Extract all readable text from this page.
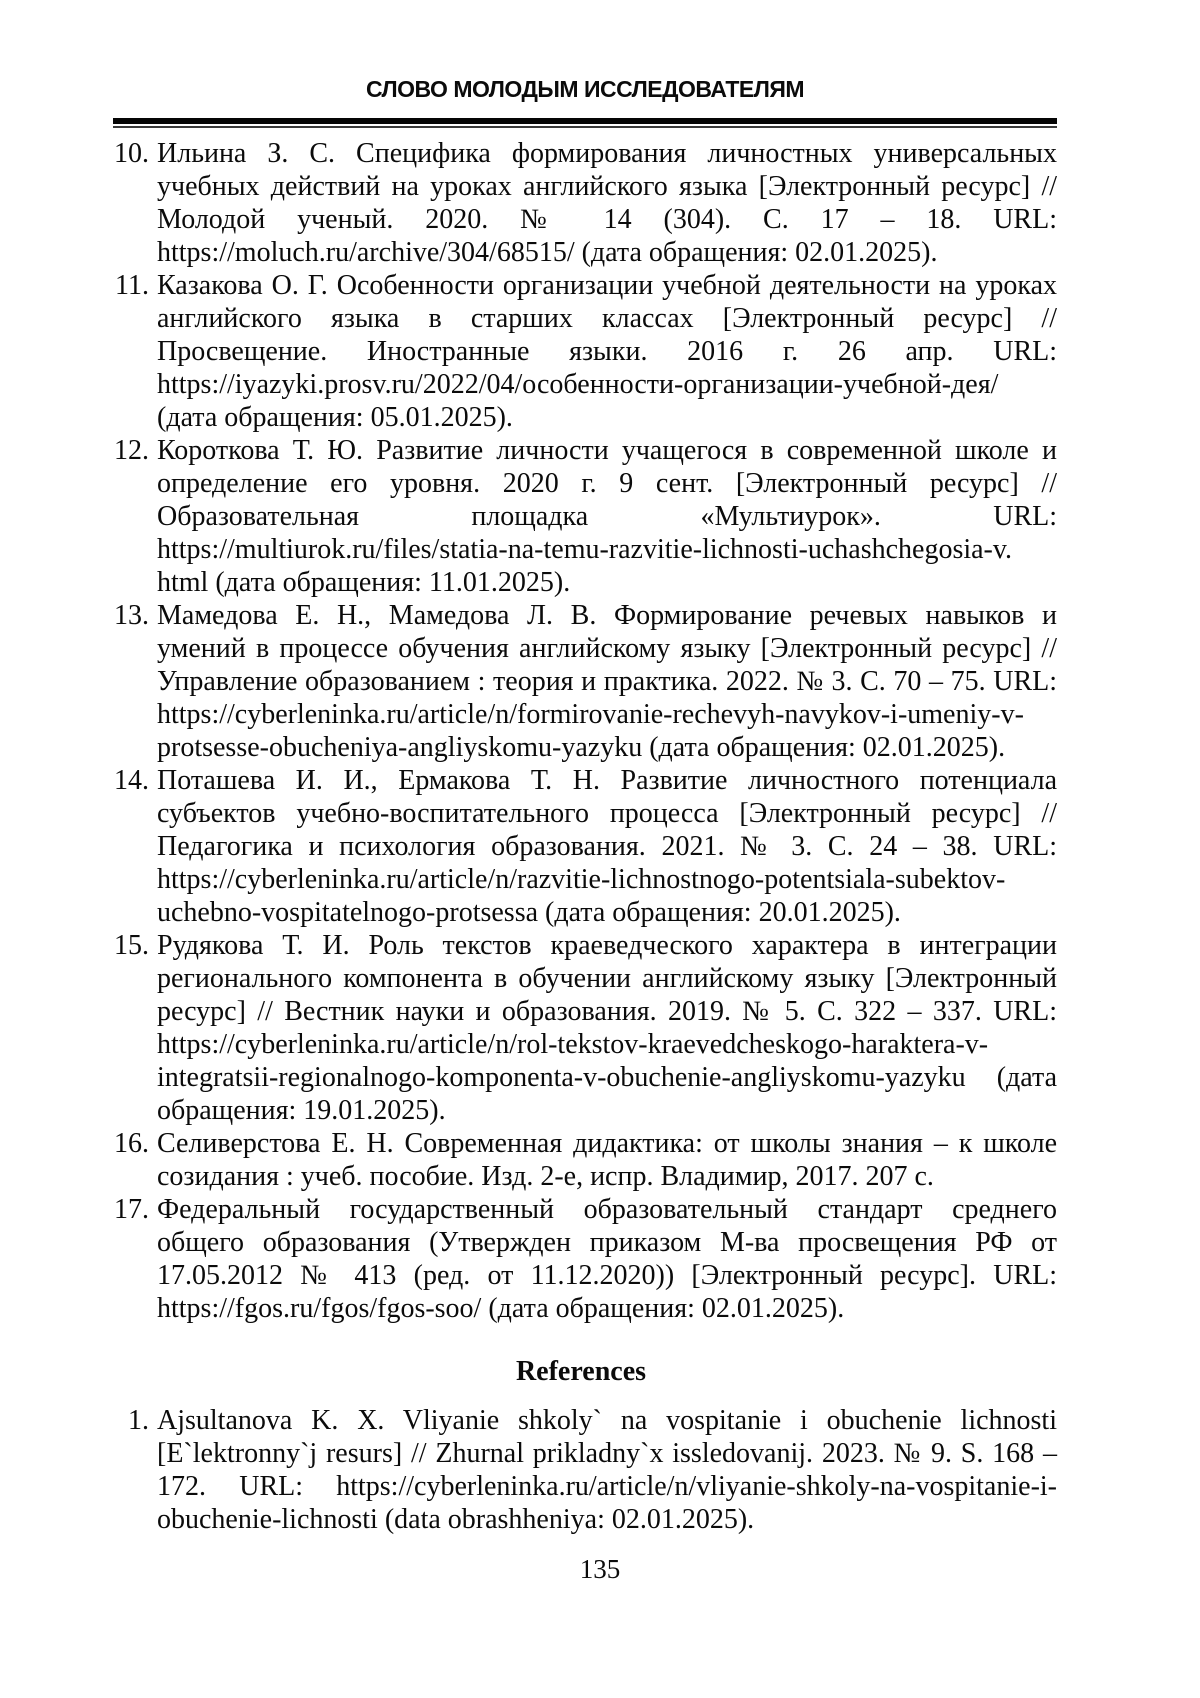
СЛОВО МОЛОДЫМ ИССЛЕДОВАТЕЛЯМ
10. Ильина З. С. Специфика формирования личностных универсальных учебных действий на уроках английского языка [Электронный ресурс] // Молодой ученый. 2020. № 14 (304). С. 17 – 18. URL: https://moluch.ru/archive/304/68515/ (дата обращения: 02.01.2025).
11. Казакова О. Г. Особенности организации учебной деятельности на уроках английского языка в старших классах [Электронный ресурс] // Просвещение. Иностранные языки. 2016 г. 26 апр. URL: https://iyazyki.prosv.ru/2022/04/особенности-организации-учебной-дея/ (дата обращения: 05.01.2025).
12. Короткова Т. Ю. Развитие личности учащегося в современной школе и определение его уровня. 2020 г. 9 сент. [Электронный ресурс] // Образовательная площадка «Мультиурок». URL: https://multiurok.ru/files/statia-na-temu-razvitie-lichnosti-uchashchegosia-v. html (дата обращения: 11.01.2025).
13. Мамедова Е. Н., Мамедова Л. В. Формирование речевых навыков и умений в процессе обучения английскому языку [Электронный ресурс] // Управление образованием : теория и практика. 2022. № 3. С. 70 – 75. URL: https://cyberleninka.ru/article/n/formirovanie-rechevyh-navykov-i-umeniy-v-protsesse-obucheniya-angliyskomu-yazyku (дата обращения: 02.01.2025).
14. Поташева И. И., Ермакова Т. Н. Развитие личностного потенциала субъектов учебно-воспитательного процесса [Электронный ресурс] // Педагогика и психология образования. 2021. № 3. С. 24 – 38. URL: https://cyberleninka.ru/article/n/razvitie-lichnostnogo-potentsiala-subektov-uchebno-vospitatelnogo-protsessa (дата обращения: 20.01.2025).
15. Рудякова Т. И. Роль текстов краеведческого характера в интеграции регионального компонента в обучении английскому языку [Электронный ресурс] // Вестник науки и образования. 2019. № 5. С. 322 – 337. URL: https://cyberleninka.ru/article/n/rol-tekstov-kraevedcheskogo-haraktera-v-integratsii-regionalnogo-komponenta-v-obuchenie-angliyskomu-yazyku (дата обращения: 19.01.2025).
16. Селиверстова Е. Н. Современная дидактика: от школы знания – к школе созидания : учеб. пособие. Изд. 2-е, испр. Владимир, 2017. 207 с.
17. Федеральный государственный образовательный стандарт среднего общего образования (Утвержден приказом М-ва просвещения РФ от 17.05.2012 № 413 (ред. от 11.12.2020)) [Электронный ресурс]. URL: https://fgos.ru/fgos/fgos-soo/ (дата обращения: 02.01.2025).
References
1. Ajsultanova K. X. Vliyanie shkoly` na vospitanie i obuchenie lichnosti [E`lektronny`j resurs] // Zhurnal prikladny`x issledovanij. 2023. № 9. S. 168 – 172. URL: https://cyberleninka.ru/article/n/vliyanie-shkoly-na-vospitanie-i-obuchenie-lichnosti (data obrashheniya: 02.01.2025).
135
